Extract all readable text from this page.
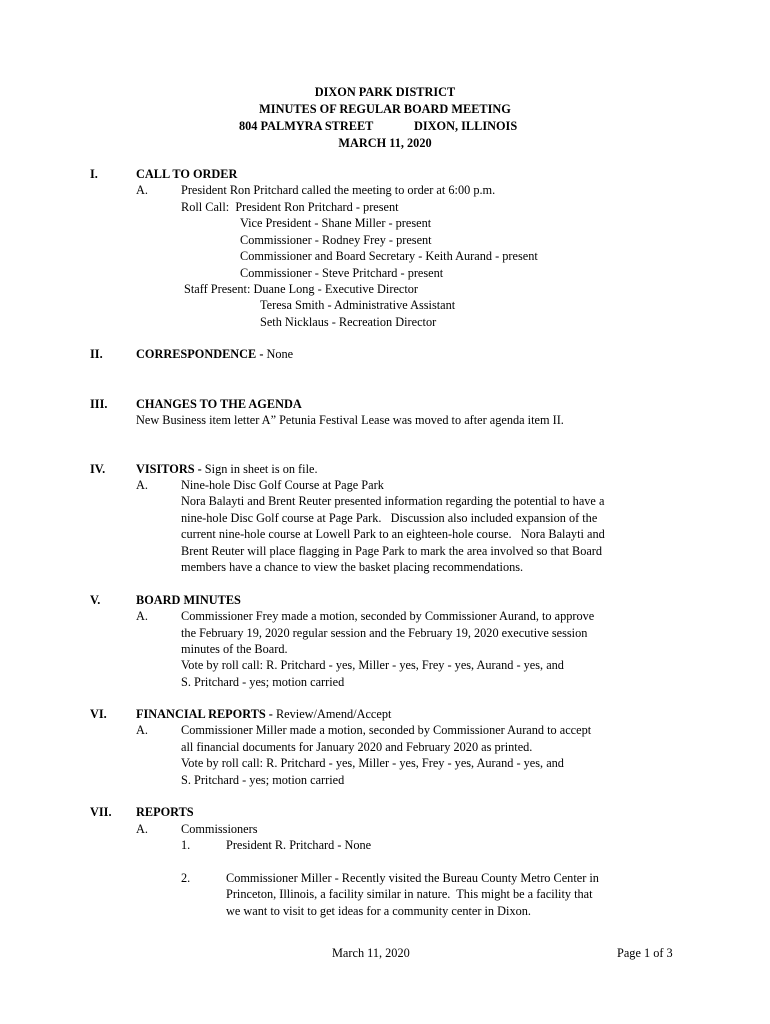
DIXON PARK DISTRICT
MINUTES OF REGULAR BOARD MEETING
804 PALMYRA STREET	DIXON, ILLINOIS
MARCH 11, 2020
I.	CALL TO ORDER
A.	President Ron Pritchard called the meeting to order at 6:00 p.m.
Roll Call:  President Ron Pritchard - present
Vice President - Shane Miller - present
Commissioner - Rodney Frey - present
Commissioner and Board Secretary - Keith Aurand - present
Commissioner - Steve Pritchard - present
Staff Present: Duane Long - Executive Director
Teresa Smith - Administrative Assistant
Seth Nicklaus - Recreation Director
II.	CORRESPONDENCE - None
III. CHANGES TO THE AGENDA
New Business item letter A” Petunia Festival Lease was moved to after agenda item II.
IV.	VISITORS - Sign in sheet is on file.
A.	Nine-hole Disc Golf Course at Page Park
Nora Balayti and Brent Reuter presented information regarding the potential to have a
nine-hole Disc Golf course at Page Park.   Discussion also included expansion of the
current nine-hole course at Lowell Park to an eighteen-hole course.   Nora Balayti and
Brent Reuter will place flagging in Page Park to mark the area involved so that Board
members have a chance to view the basket placing recommendations.
V.	BOARD MINUTES
A.	Commissioner Frey made a motion, seconded by Commissioner Aurand, to approve
the February 19, 2020 regular session and the February 19, 2020 executive session
minutes of the Board.
Vote by roll call: R. Pritchard - yes, Miller - yes, Frey - yes, Aurand - yes, and
S. Pritchard - yes; motion carried
VI. FINANCIAL REPORTS - Review/Amend/Accept
A.	Commissioner Miller made a motion, seconded by Commissioner Aurand to accept
all financial documents for January 2020 and February 2020 as printed.
Vote by roll call: R. Pritchard - yes, Miller - yes, Frey - yes, Aurand - yes, and
S. Pritchard - yes; motion carried
VII. REPORTS
A.	Commissioners
1.	President R. Pritchard - None
2.	Commissioner Miller - Recently visited the Bureau County Metro Center in
Princeton, Illinois, a facility similar in nature.  This might be a facility that
we want to visit to get ideas for a community center in Dixon.
March 11, 2020	Page 1 of 3
